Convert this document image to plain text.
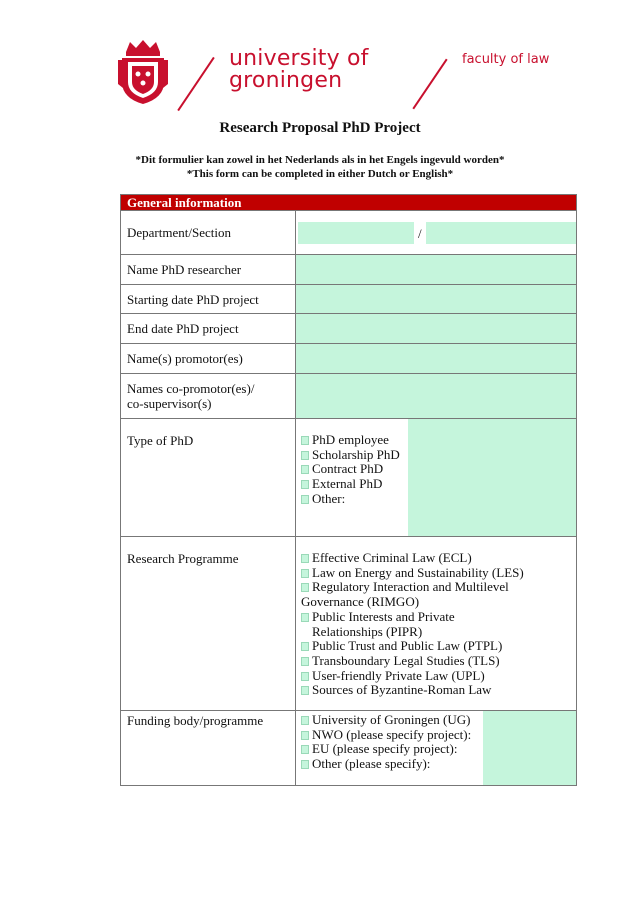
university of
groningen
faculty of law
Research Proposal PhD Project
*Dit formulier kan zowel in het Nederlands als in het Engels ingevuld worden*
*This form can be completed in either Dutch or English*
General information
Department/Section	/
Name PhD researcher
Starting date PhD project
End date PhD project
Name(s) promotor(es)
Names co-promotor(es)/
co-supervisor(s)
Type of PhD	PhD employee
Scholarship PhD
Contract PhD
External PhD
Other:
Research Programme	Effective Criminal Law (ECL)
Law on Energy and Sustainability (LES)
Regulatory Interaction and Multilevel
Governance (RIMGO)
Public Interests and Private
Relationships (PIPR)
Public Trust and Public Law (PTPL)
Transboundary Legal Studies (TLS)
User-friendly Private Law (UPL)
Sources of Byzantine-Roman Law
Funding body/programme	University of Groningen (UG)
NWO (please specify project):
EU (please specify project):
Other (please specify):
